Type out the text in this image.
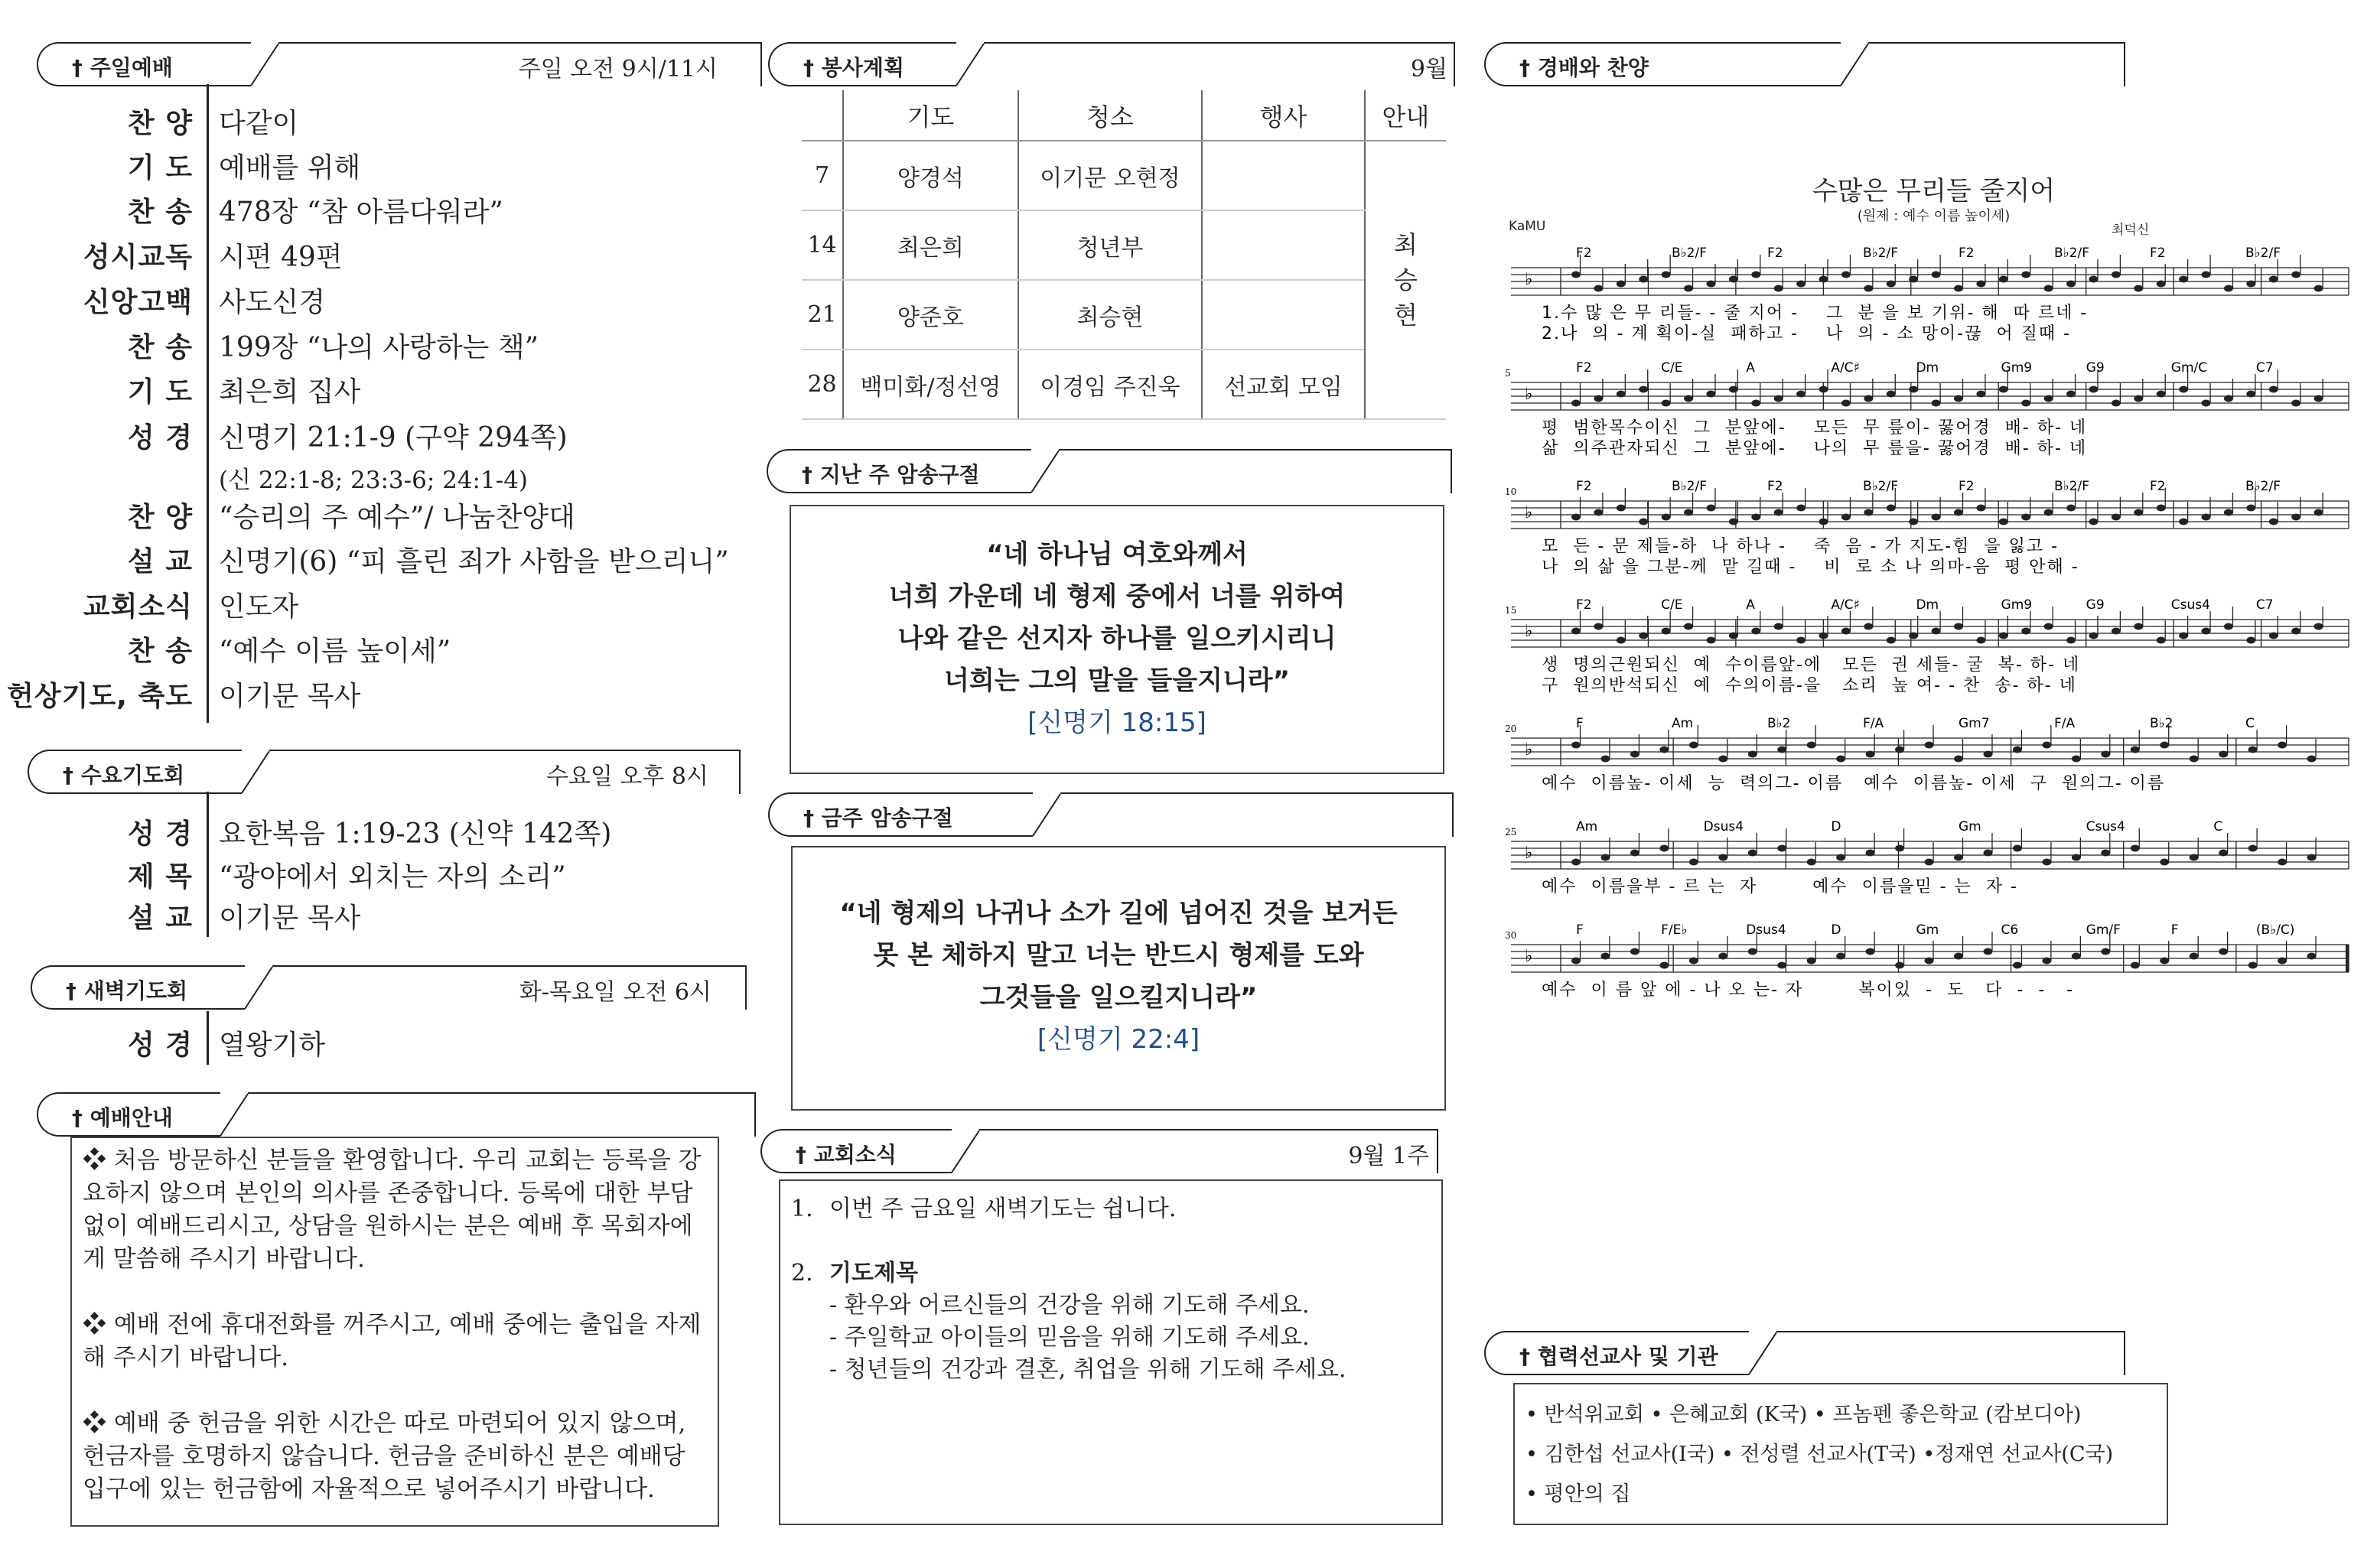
† 주일예배	주일 오전 9시/11시
찬 양 다같이
기 도 예배를 위해
찬 송 478장 “참 아름다워라”
성시교독 시편 49편
신앙고백 사도신경
찬 송 199장 “나의 사랑하는 책”
기 도 최은희 집사
성 경 신명기 21:1-9 (구약 294쪽)
(신 22:1-8; 23:3-6; 24:1-4)
찬 양 “승리의 주 예수”/ 나눔찬양대
설 교 신명기(6) “피 흘린 죄가 사함을 받으리니”
교회소식 인도자
찬 송 “예수 이름 높이세”
헌상기도, 축도 이기문 목사
† 수요기도회	수요일 오후 8시
성 경 요한복음 1:19-23 (신약 142쪽)
제 목 “광야에서 외치는 자의 소리”
설 교 이기문 목사
† 새벽기도회	화-목요일 오전 6시
성 경 열왕기하
† 예배안내

❖ 처음 방문하신 분들을 환영합니다. 우리 교회는 등록을 강요하지 않으며 본인의 의사를 존중합니다. 등록에 대한 부담 없이 예배드리시고, 상담을 원하시는 분은 예배 후 목회자에게 말씀해 주시기 바랍니다.

❖ 예배 전에 휴대전화를 꺼주시고, 예배 중에는 출입을 자제해 주시기 바랍니다.

❖ 예배 중 헌금을 위한 시간은 따로 마련되어 있지 않으며, 헌금자를 호명하지 않습니다. 헌금을 준비하신 분은 예배당 입구에 있는 헌금함에 자율적으로 넣어주시기 바랍니다.

† 봉사계획	9월
	기도	청소	행사	안내
7	양경석	이기문 오현정		최
승
현

14	최은희	청년부		
21	양준호	최승현		
28	백미화/정선영	이경임 주진욱	선교회 모임	
† 지난 주 암송구절
“네 하나님 여호와께서
너희 가운데 네 형제 중에서 너를 위하여
나와 같은 선지자 하나를 일으키시리니
너희는 그의 말을 들을지니라”
[신명기 18:15]
† 금주 암송구절
“네 형제의 나귀나 소가 길에 넘어진 것을 보거든
못 본 체하지 말고 너는 반드시 형제를 도와
그것들을 일으킬지니라”
[신명기 22:4]
† 교회소식	9월 1주
1. 이번 주 금요일 새벽기도는 쉽니다.
2. 기도제목
- 환우와 어르신들의 건강을 위해 기도해 주세요.
- 주일학교 아이들의 믿음을 위해 기도해 주세요.
- 청년들의 건강과 결혼, 취업을 위해 기도해 주세요.
† 경배와 찬양
수많은 무리들 줄지어
(원제 : 예수 이름 높이세)
KaMU	최덕신
♭
F2	B♭2/F	F2	B♭2/F	F2	B♭2/F	F2	B♭2/F
1.수 많 은 무 리들- - 줄 지어 -    그  분 을 보 기위- 해  따 르네 -
2.나  의 - 계 획이-실  패하고 -    나  의 - 소 망이-끊  어 질때 -
♭
5	F2	C/E	A	A/C♯	Dm	Gm9	G9	Gm/C	C7
평  범한목수이신  그  분앞에-    모든  무 릎이- 꿇어경  배- 하- 네
삶  의주관자되신  그  분앞에-    나의  무 릎을- 꿇어경  배- 하- 네
♭
10	F2	B♭2/F	F2	B♭2/F	F2	B♭2/F	F2	B♭2/F
모  든 - 문 제들-하  나 하나 -    죽  음 - 가 지도-힘  을 잃고 -
나  의 삶 을 그분-께  맡 길때 -    비  로 소 나 의마-음  평 안해 -
♭
15	F2	C/E	A	A/C♯	Dm	Gm9	G9	Csus4	C7
생  명의근원되신  예  수이름앞-에   모든  권 세들- 굴  복- 하- 네
구  원의반석되신  예  수의이름-을   소리  높 여- - 찬  송- 하- 네
♭
20	F	Am	B♭2	F/A	Gm7	F/A	B♭2	C
예수  이름높- 이세  능  력의그- 이름   예수  이름높- 이세  구  원의그- 이름
♭
25	Am	Dsus4	D	Gm	Csus4	C
예수  이름을부 - 르 는  자        예수  이름을믿 - 는  자 -
♭
30	F	F/E♭	Dsus4	D	Gm	C6	Gm/F	F	(B♭/C)
예수  이 름 앞 에 - 나 오 는- 자        복이있  -  도   다  -  -   -
† 협력선교사 및 기관
• 반석위교회 • 은혜교회 (K국) • 프놈펜 좋은학교 (캄보디아)
• 김한섭 선교사(I국) • 전성렬 선교사(T국) •정재연 선교사(C국)
• 평안의 집
